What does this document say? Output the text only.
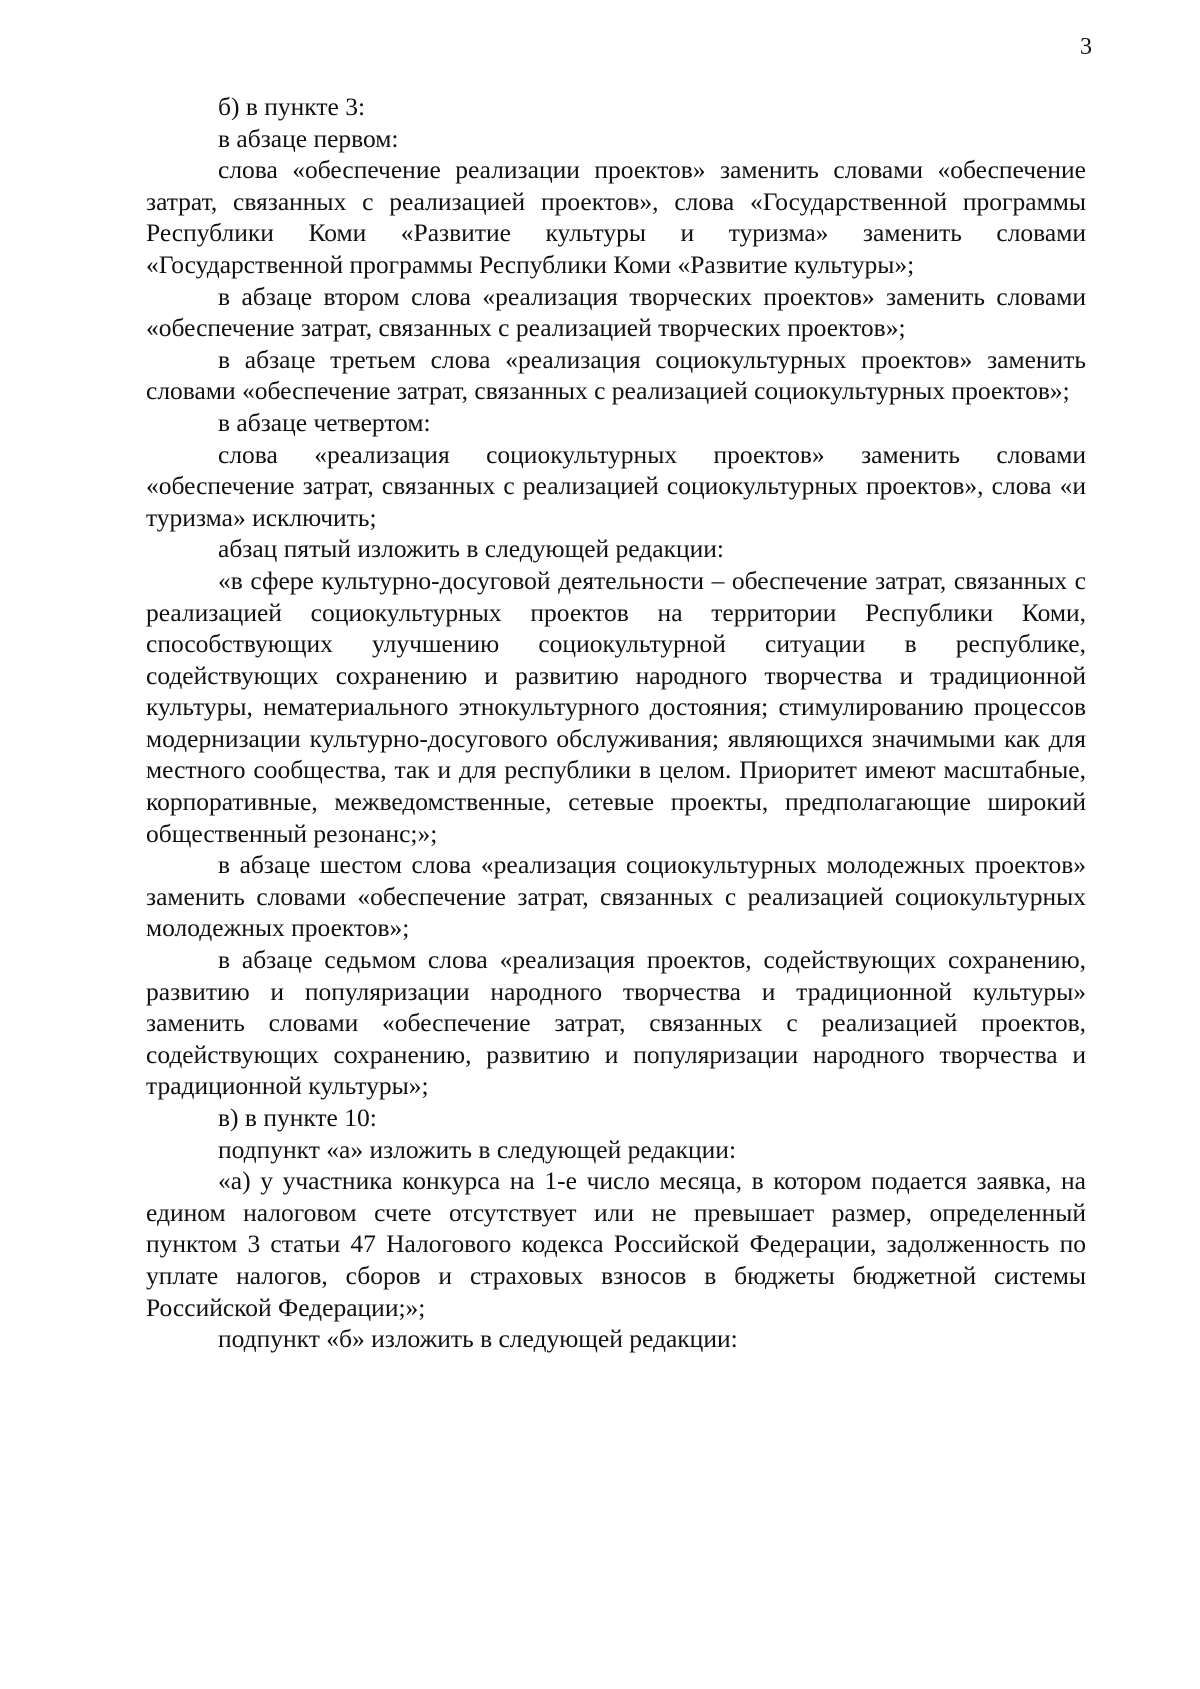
3

б) в пункте 3:

в абзаце первом:

слова «обеспечение реализации проектов» заменить словами «обеспечение затрат, связанных с реализацией проектов», слова «Государственной программы Республики Коми «Развитие культуры и туризма» заменить словами «Государственной программы Республики Коми «Развитие культуры»;

в абзаце втором слова «реализация творческих проектов» заменить словами «обеспечение затрат, связанных с реализацией творческих проектов»;

в абзаце третьем слова «реализация социокультурных проектов» заменить словами «обеспечение затрат, связанных с реализацией социокультурных проектов»;

в абзаце четвертом:

слова «реализация социокультурных проектов» заменить словами «обеспечение затрат, связанных с реализацией социокультурных проектов», слова «и туризма» исключить;

абзац пятый изложить в следующей редакции:

«в сфере культурно-досуговой деятельности – обеспечение затрат, связанных с реализацией социокультурных проектов на территории Республики Коми, способствующих улучшению социокультурной ситуации в республике, содействующих сохранению и развитию народного творчества и традиционной культуры, нематериального этнокультурного достояния; стимулированию процессов модернизации культурно-досугового обслуживания; являющихся значимыми как для местного сообщества, так и для республики в целом. Приоритет имеют масштабные, корпоративные, межведомственные, сетевые проекты, предполагающие широкий общественный резонанс;»;

в абзаце шестом слова «реализация социокультурных молодежных проектов» заменить словами «обеспечение затрат, связанных с реализацией социокультурных молодежных проектов»;

в абзаце седьмом слова «реализация проектов, содействующих сохранению, развитию и популяризации народного творчества и традиционной культуры» заменить словами «обеспечение затрат, связанных с реализацией проектов, содействующих сохранению, развитию и популяризации народного творчества и традиционной культуры»;

в) в пункте 10:

подпункт «а» изложить в следующей редакции:

«а) у участника конкурса на 1-е число месяца, в котором подается заявка, на едином налоговом счете отсутствует или не превышает размер, определенный пунктом 3 статьи 47 Налогового кодекса Российской Федерации, задолженность по уплате налогов, сборов и страховых взносов в бюджеты бюджетной системы Российской Федерации;»;

подпункт «б» изложить в следующей редакции:
